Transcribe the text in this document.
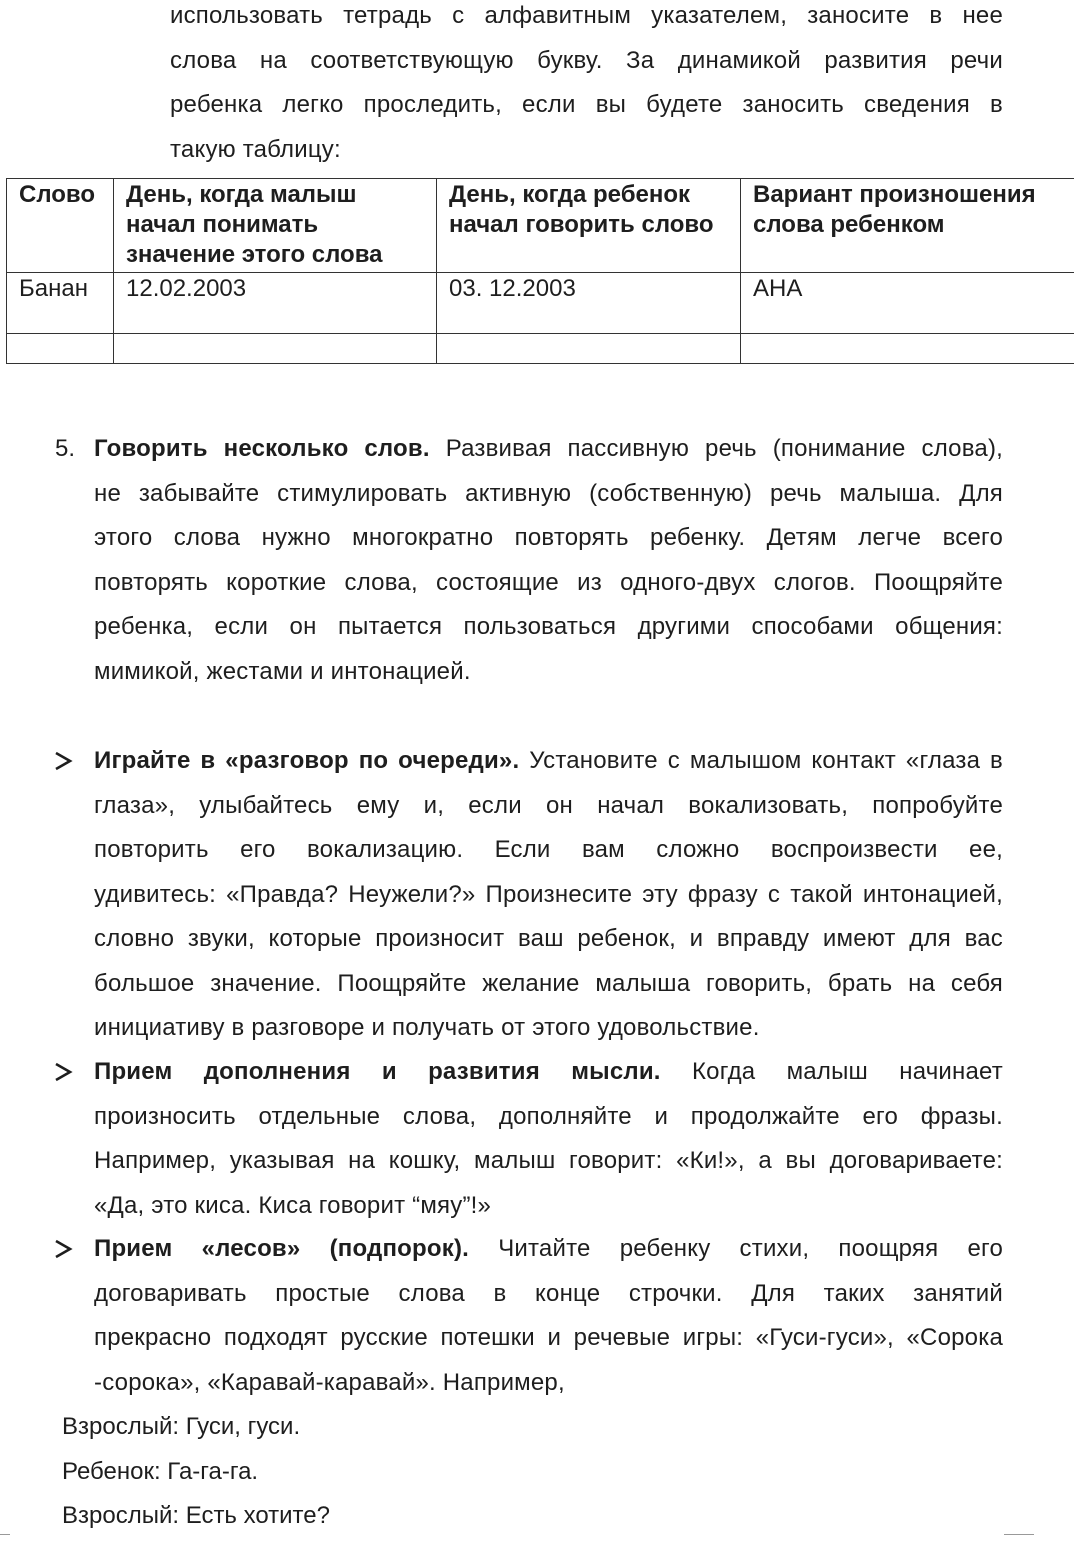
использовать тетрадь с алфавитным указателем, заносите в нее
слова на соответствующую букву. За динамикой развития речи
ребенка легко проследить, если вы будете заносить сведения в
такую таблицу:
Слово	День, когда малыш начал понимать значение этого слова	День, когда ребенок начал говорить слово	Вариант произношения слова ребенком
Банан	12.02.2003	03. 12.2003	АНА

5. Говорить несколько слов. Развивая пассивную речь (понимание слова),
не забывайте стимулировать активную (собственную) речь малыша. Для
этого слова нужно многократно повторять ребенку. Детям легче всего
повторять короткие слова, состоящие из одного-двух слогов. Поощряйте
ребенка, если он пытается пользоваться другими способами общения:
мимикой, жестами и интонацией.
Играйте в «разговор по очереди». Установите с малышом контакт «глаза в
глаза», улыбайтесь ему и, если он начал вокализовать, попробуйте
повторить его вокализацию. Если вам сложно воспроизвести ее,
удивитесь: «Правда? Неужели?» Произнесите эту фразу с такой интонацией,
словно звуки, которые произносит ваш ребенок, и вправду имеют для вас
большое значение. Поощряйте желание малыша говорить, брать на себя
инициативу в разговоре и получать от этого удовольствие.
Прием дополнения и развития мысли. Когда малыш начинает
произносить отдельные слова, дополняйте и продолжайте его фразы.
Например, указывая на кошку, малыш говорит: «Ки!», а вы договариваете:
«Да, это киса. Киса говорит “мяу”!»
Прием «лесов» (подпорок). Читайте ребенку стихи, поощряя его
договаривать простые слова в конце строчки. Для таких занятий
прекрасно подходят русские потешки и речевые игры: «Гуси-гуси», «Сорока
-сорока», «Каравай-каравай». Например,
Взрослый: Гуси, гуси.
Ребенок: Га-га-га.
Взрослый: Есть хотите?
